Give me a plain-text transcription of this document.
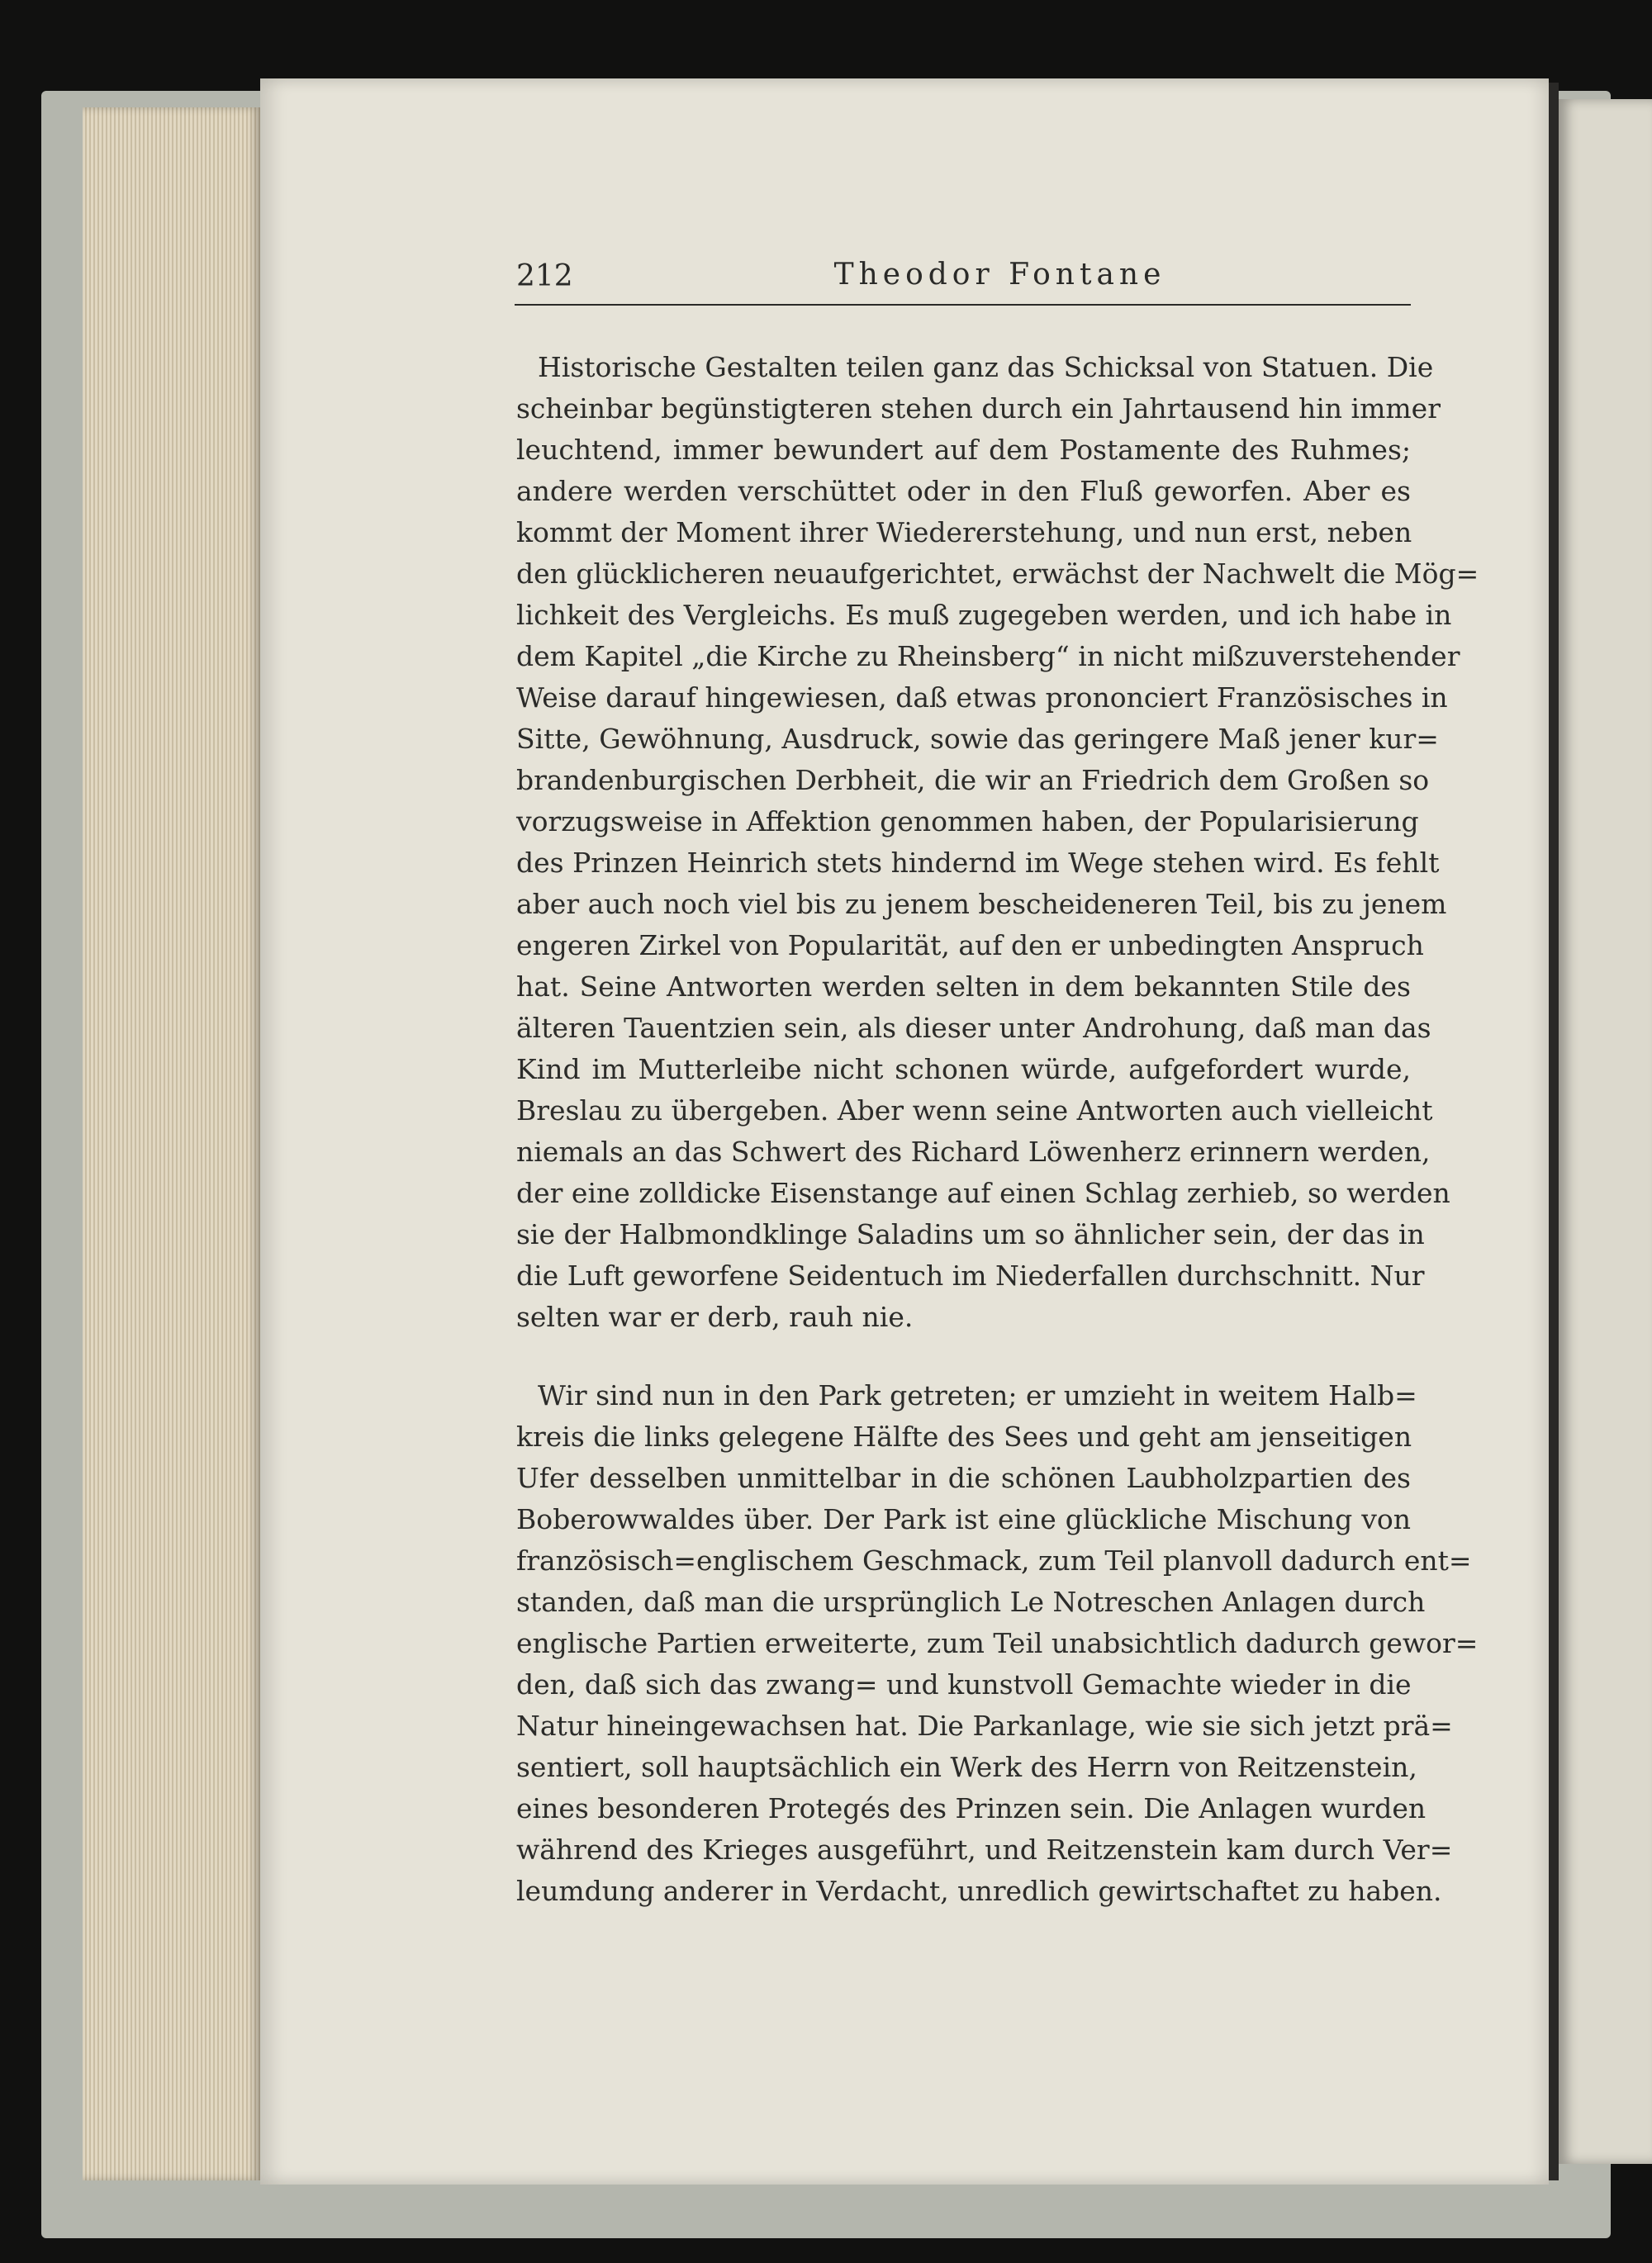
212	Theodor Fontane
Historische Gestalten teilen ganz das Schicksal von Statuen. Die
scheinbar begünstigteren stehen durch ein Jahrtausend hin immer
leuchtend, immer bewundert auf dem Postamente des Ruhmes;
andere werden verschüttet oder in den Fluß geworfen. Aber es
kommt der Moment ihrer Wiedererstehung, und nun erst, neben
den glücklicheren neuaufgerichtet, erwächst der Nachwelt die Mög=
lichkeit des Vergleichs. Es muß zugegeben werden, und ich habe in
dem Kapitel „die Kirche zu Rheinsberg“ in nicht mißzuverstehender
Weise darauf hingewiesen, daß etwas prononciert Französisches in
Sitte, Gewöhnung, Ausdruck, sowie das geringere Maß jener kur=
brandenburgischen Derbheit, die wir an Friedrich dem Großen so
vorzugsweise in Affektion genommen haben, der Popularisierung
des Prinzen Heinrich stets hindernd im Wege stehen wird. Es fehlt
aber auch noch viel bis zu jenem bescheideneren Teil, bis zu jenem
engeren Zirkel von Popularität, auf den er unbedingten Anspruch
hat. Seine Antworten werden selten in dem bekannten Stile des
älteren Tauentzien sein, als dieser unter Androhung, daß man das
Kind im Mutterleibe nicht schonen würde, aufgefordert wurde,
Breslau zu übergeben. Aber wenn seine Antworten auch vielleicht
niemals an das Schwert des Richard Löwenherz erinnern werden,
der eine zolldicke Eisenstange auf einen Schlag zerhieb, so werden
sie der Halbmondklinge Saladins um so ähnlicher sein, der das in
die Luft geworfene Seidentuch im Niederfallen durchschnitt. Nur
selten war er derb, rauh nie.
Wir sind nun in den Park getreten; er umzieht in weitem Halb=
kreis die links gelegene Hälfte des Sees und geht am jenseitigen
Ufer desselben unmittelbar in die schönen Laubholzpartien des
Boberowwaldes über. Der Park ist eine glückliche Mischung von
französisch=englischem Geschmack, zum Teil planvoll dadurch ent=
standen, daß man die ursprünglich Le Notreschen Anlagen durch
englische Partien erweiterte, zum Teil unabsichtlich dadurch gewor=
den, daß sich das zwang= und kunstvoll Gemachte wieder in die
Natur hineingewachsen hat. Die Parkanlage, wie sie sich jetzt prä=
sentiert, soll hauptsächlich ein Werk des Herrn von Reitzenstein,
eines besonderen Protegés des Prinzen sein. Die Anlagen wurden
während des Krieges ausgeführt, und Reitzenstein kam durch Ver=
leumdung anderer in Verdacht, unredlich gewirtschaftet zu haben.
